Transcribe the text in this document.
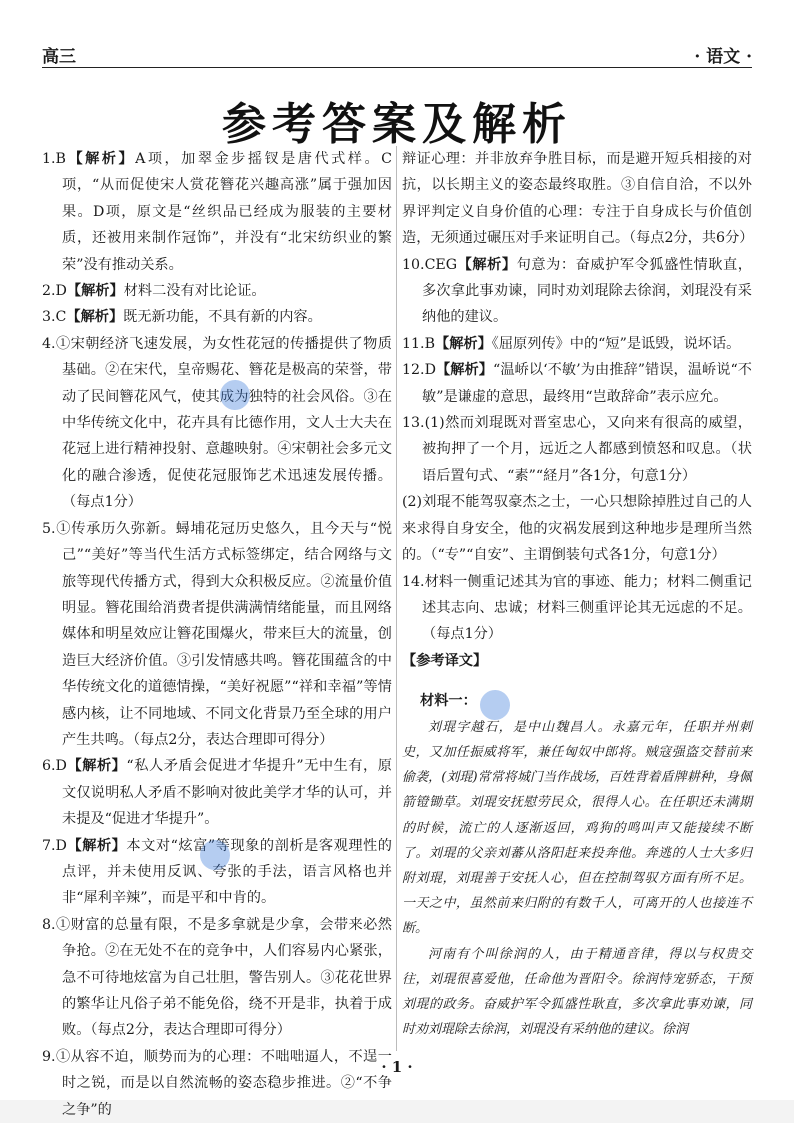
高三	· 语文 ·
参考答案及解析

1.B【解析】A项，加翠金步摇钗是唐代式样。C项，“从而促使宋人赏花簪花兴趣高涨”属于强加因果。D项，原文是“丝织品已经成为服装的主要材质，还被用来制作冠饰”，并没有“北宋纺织业的繁荣”没有推动关系。

2.D【解析】材料二没有对比论证。

3.C【解析】既无新功能，不具有新的内容。

4.①宋朝经济飞速发展，为女性花冠的传播提供了物质基础。②在宋代，皇帝赐花、簪花是极高的荣誉，带动了民间簪花风气，使其成为独特的社会风俗。③在中华传统文化中，花卉具有比德作用，文人士大夫在花冠上进行精神投射、意趣映射。④宋朝社会多元文化的融合渗透，促使花冠服饰艺术迅速发展传播。（每点1分）

5.①传承历久弥新。蟳埔花冠历史悠久，且今天与“悦己”“美好”等当代生活方式标签绑定，结合网络与文旅等现代传播方式，得到大众积极反应。②流量价值明显。簪花围给消费者提供满满情绪能量，而且网络媒体和明星效应让簪花围爆火，带来巨大的流量，创造巨大经济价值。③引发情感共鸣。簪花围蕴含的中华传统文化的道德情操，“美好祝愿”“祥和幸福”等情感内核，让不同地域、不同文化背景乃至全球的用户产生共鸣。（每点2分，表达合理即可得分）

6.D【解析】“私人矛盾会促进才华提升”无中生有，原文仅说明私人矛盾不影响对彼此美学才华的认可，并未提及“促进才华提升”。

7.D【解析】本文对“炫富”等现象的剖析是客观理性的点评，并未使用反讽、夸张的手法，语言风格也并非“犀利辛辣”，而是平和中肯的。

8.①财富的总量有限，不是多拿就是少拿，会带来必然争抢。②在无处不在的竞争中，人们容易内心紧张，急不可待地炫富为自己壮胆，警告别人。③花花世界的繁华让凡俗子弟不能免俗，绕不开是非，执着于成败。（每点2分，表达合理即可得分）

9.①从容不迫，顺势而为的心理：不咄咄逼人，不逞一时之锐，而是以自然流畅的姿态稳步推进。②“不争之争”的

辩证心理：并非放弃争胜目标，而是避开短兵相接的对抗，以长期主义的姿态最终取胜。③自信自洽，不以外界评判定义自身价值的心理：专注于自身成长与价值创造，无须通过碾压对手来证明自己。（每点2分，共6分）

10.CEG【解析】句意为：奋威护军令狐盛性情耿直，多次拿此事劝谏，同时劝刘琨除去徐润，刘琨没有采纳他的建议。

11.B【解析】《屈原列传》中的“短”是诋毁，说坏话。

12.D【解析】“温峤以‘不敏’为由推辞”错误，温峤说“不敏”是谦虚的意思，最终用“岂敢辞命”表示应允。

13.(1)然而刘琨既对晋室忠心，又向来有很高的威望，被拘押了一个月，远近之人都感到愤怒和叹息。（状语后置句式、“素”“経月”各1分，句意1分）

(2)刘琨不能驾驭豪杰之士，一心只想除掉胜过自己的人来求得自身安全，他的灾祸发展到这种地步是理所当然的。（“专”“自安”、主谓倒装句式各1分，句意1分）

14.材料一侧重记述其为官的事迹、能力；材料二侧重记述其志向、忠诚；材料三侧重评论其无远虑的不足。（每点1分）

【参考译文】

材料一：

刘琨字越石，是中山魏昌人。永嘉元年，任职并州刺史，又加任振威将军，兼任匈奴中郎将。贼寇强盗交替前来偷袭，(刘琨)常常将城门当作战场，百姓背着盾牌耕种，身佩箭镫锄草。刘琨安抚慰劳民众，很得人心。在任职还未满期的时候，流亡的人逐渐返回，鸡狗的鸣叫声又能接续不断了。刘琨的父亲刘蕃从洛阳赶来投奔他。奔逃的人士大多归附刘琨，刘琨善于安抚人心，但在控制驾驭方面有所不足。一天之中，虽然前来归附的有数千人，可离开的人也接连不断。

河南有个叫徐润的人，由于精通音律，得以与权贵交往，刘琨很喜爱他，任命他为晋阳令。徐润恃宠骄态，干预刘琨的政务。奋威护军令狐盛性耿直，多次拿此事劝谏，同时劝刘琨除去徐润，刘琨没有采纳他的建议。徐润

· 1 ·
